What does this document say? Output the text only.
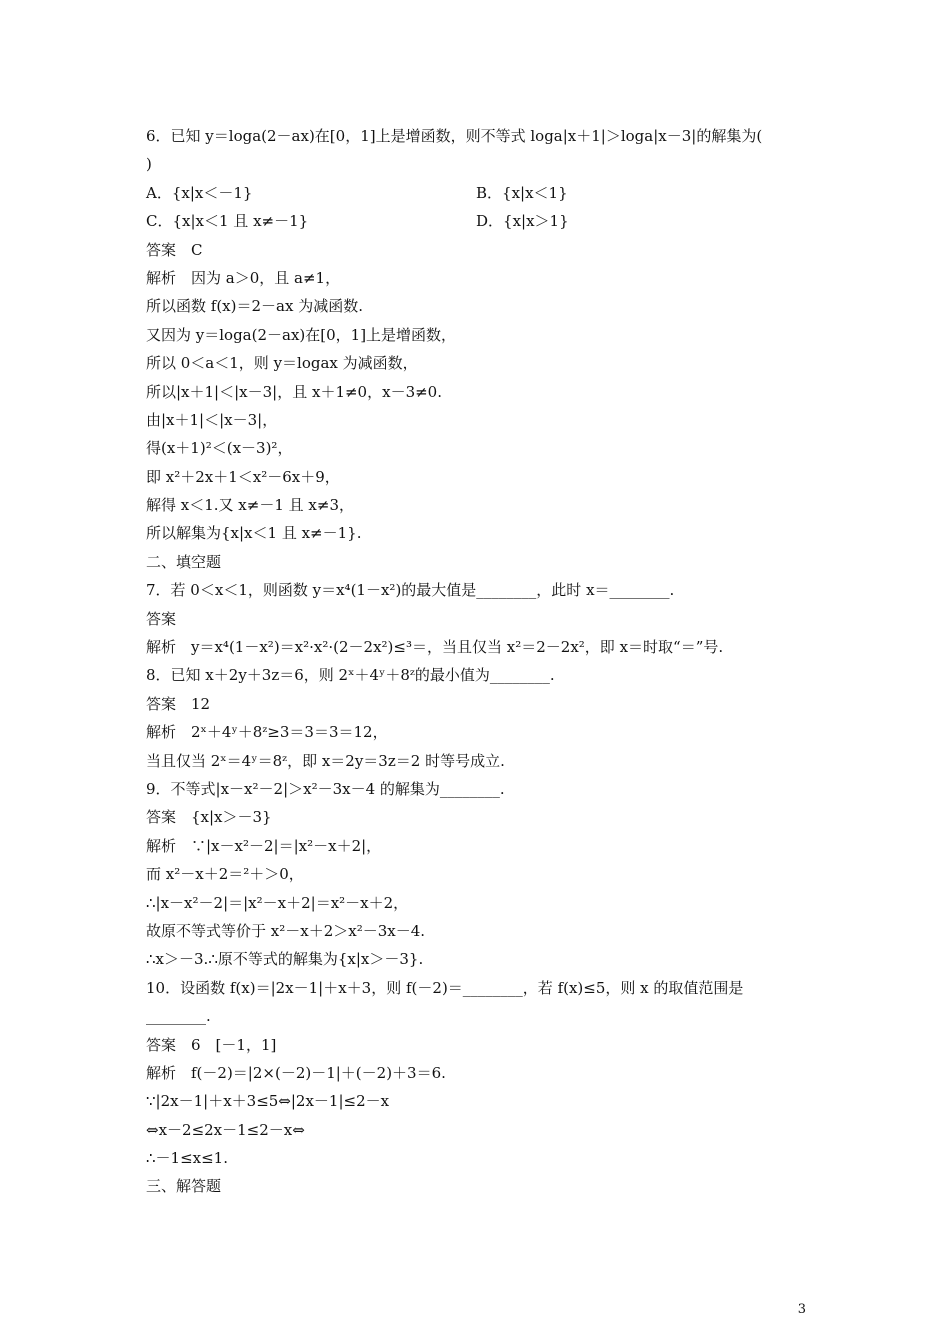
6．已知 y＝loga(2－ax)在[0，1]上是增函数，则不等式 loga|x＋1|＞loga|x－3|的解集为(
)
A．{x|x＜－1}	B．{x|x＜1}
C．{x|x＜1 且 x≠－1}	D．{x|x＞1}
答案　C
解析　因为 a＞0，且 a≠1，
所以函数 f(x)＝2－ax 为减函数.
又因为 y＝loga(2－ax)在[0，1]上是增函数，
所以 0＜a＜1，则 y＝logax 为减函数，
所以|x＋1|＜|x－3|，且 x＋1≠0，x－3≠0.
由|x＋1|＜|x－3|，
得(x＋1)²＜(x－3)²，
即 x²＋2x＋1＜x²－6x＋9，
解得 x＜1.又 x≠－1 且 x≠3，
所以解集为{x|x＜1 且 x≠－1}.
二、填空题
7．若 0＜x＜1，则函数 y＝x⁴(1－x²)的最大值是________，此时 x＝________.
答案
解析　y＝x⁴(1－x²)＝x²·x²·(2－2x²)≤³＝，当且仅当 x²＝2－2x²，即 x＝时取“＝”号.
8．已知 x＋2y＋3z＝6，则 2ˣ＋4ʸ＋8ᶻ的最小值为________.
答案　12
解析　2ˣ＋4ʸ＋8ᶻ≥3＝3＝3＝12，
当且仅当 2ˣ＝4ʸ＝8ᶻ，即 x＝2y＝3z＝2 时等号成立.
9．不等式|x－x²－2|＞x²－3x－4 的解集为________.
答案　{x|x＞－3}
解析　∵|x－x²－2|＝|x²－x＋2|，
而 x²－x＋2＝²＋＞0，
∴|x－x²－2|＝|x²－x＋2|＝x²－x＋2，
故原不等式等价于 x²－x＋2＞x²－3x－4.
∴x＞－3.∴原不等式的解集为{x|x＞－3}.
10．设函数 f(x)＝|2x－1|＋x＋3，则 f(－2)＝________，若 f(x)≤5，则 x 的取值范围是
________.
答案　6　[－1，1]
解析　f(－2)＝|2×(－2)－1|＋(－2)＋3＝6.
∵|2x－1|＋x＋3≤5⇔|2x－1|≤2－x
⇔x－2≤2x－1≤2－x⇔
∴－1≤x≤1.
三、解答题
3
